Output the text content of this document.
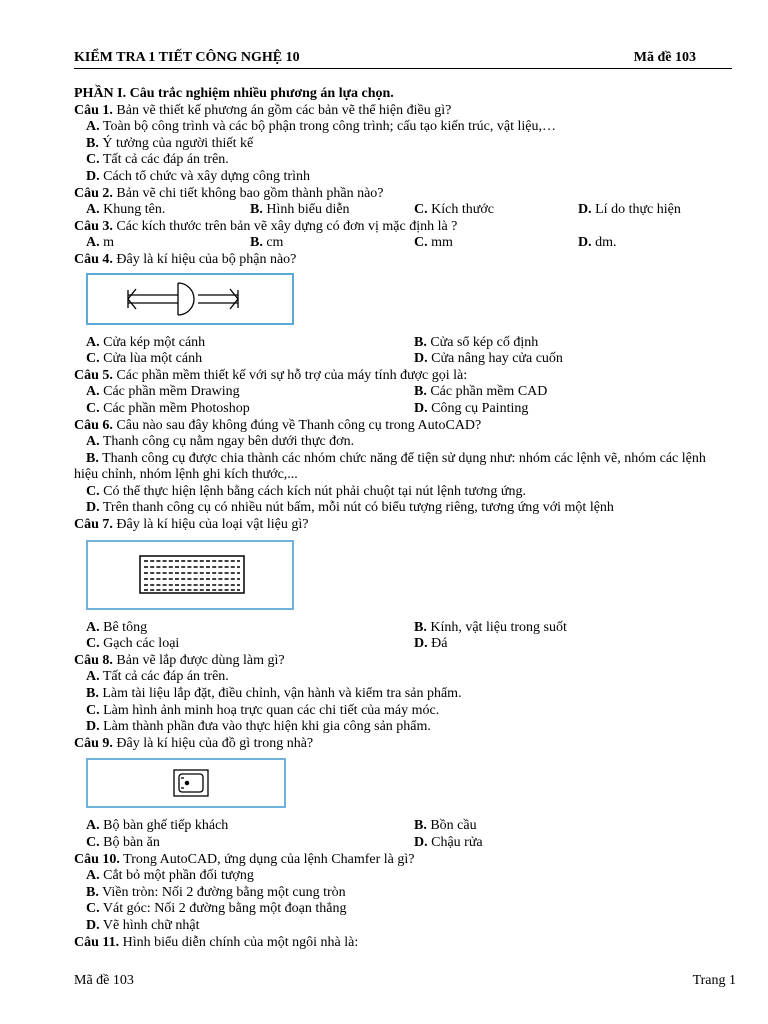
KIỂM TRA 1 TIẾT CÔNG NGHỆ 10	Mã đề 103
PHẦN I. Câu trắc nghiệm nhiều phương án lựa chọn.
Câu 1. Bản vẽ thiết kế phương án gồm các bản vẽ thể hiện điều gì?
A. Toàn bộ công trình và các bộ phận trong công trình; cấu tạo kiến trúc, vật liệu,…
B. Ý tưởng của người thiết kế
C. Tất cả các đáp án trên.
D. Cách tổ chức và xây dựng công trình
Câu 2. Bản vẽ chi tiết không bao gồm thành phần nào?
A. Khung tên.	B. Hình biểu diễn	C. Kích thước	D. Lí do thực hiện
Câu 3. Các kích thước trên bản vẽ xây dựng có đơn vị mặc định là ?
A. m	B. cm	C. mm	D. dm.
Câu 4. Đây là kí hiệu của bộ phận nào?
A. Cửa kép một cánh	B. Cửa sổ kép cố định
C. Cửa lùa một cánh	D. Cửa nâng hay cửa cuốn
Câu 5. Các phần mềm thiết kế với sự hỗ trợ của máy tính được gọi là:
A. Các phần mềm Drawing	B. Các phần mềm CAD
C. Các phần mềm Photoshop	D. Công cụ Painting
Câu 6. Câu nào sau đây không đúng về Thanh công cụ trong AutoCAD?
A. Thanh công cụ nằm ngay bên dưới thực đơn.
B. Thanh công cụ được chia thành các nhóm chức năng để tiện sử dụng như: nhóm các lệnh vẽ, nhóm các lệnh hiệu chỉnh, nhóm lệnh ghi kích thước,...
C. Có thể thực hiện lệnh bằng cách kích nút phải chuột tại nút lệnh tương ứng.
D. Trên thanh công cụ có nhiều nút bấm, mỗi nút có biểu tượng riêng, tương ứng với một lệnh
Câu 7. Đây là kí hiệu của loại vật liệu gì?
A. Bê tông	B. Kính, vật liệu trong suốt
C. Gạch các loại	D. Đá
Câu 8. Bản vẽ lắp được dùng làm gì?
A. Tất cả các đáp án trên.
B. Làm tài liệu lắp đặt, điều chỉnh, vận hành và kiểm tra sản phẩm.
C. Làm hình ảnh minh hoạ trực quan các chi tiết của máy móc.
D. Làm thành phần đưa vào thực hiện khi gia công sản phẩm.
Câu 9. Đây là kí hiệu của đồ gì trong nhà?
A. Bộ bàn ghế tiếp khách	B. Bồn cầu
C. Bộ bàn ăn	D. Chậu rửa
Câu 10. Trong AutoCAD, ứng dụng của lệnh Chamfer là gì?
A. Cắt bỏ một phần đối tượng
B. Viền tròn: Nối 2 đường bằng một cung tròn
C. Vát góc: Nối 2 đường bằng một đoạn thẳng
D. Vẽ hình chữ nhật
Câu 11. Hình biểu diễn chính của một ngôi nhà là:
Mã đề 103	Trang 1
